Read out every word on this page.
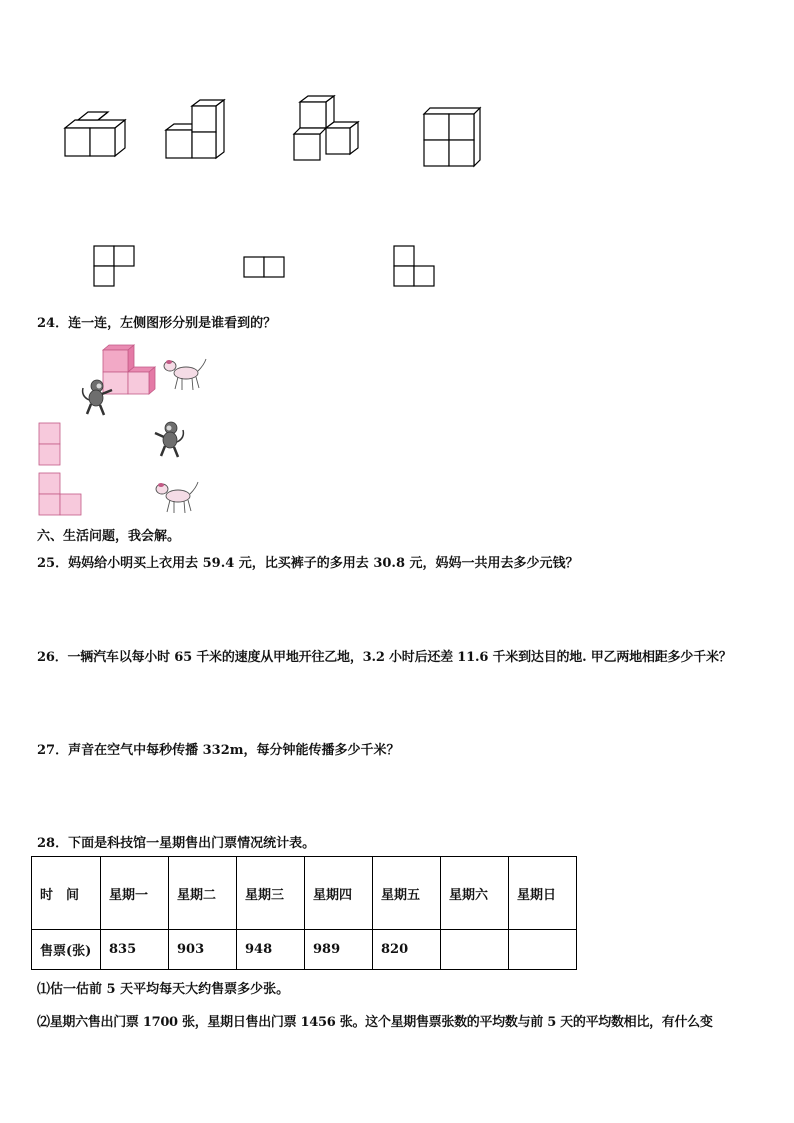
24．连一连，左侧图形分别是谁看到的？
六、生活问题，我会解。
25．妈妈给小明买上衣用去 59.4 元，比买裤子的多用去 30.8 元，妈妈一共用去多少元钱？
26．一辆汽车以每小时 65 千米的速度从甲地开往乙地，3.2 小时后还差 11.6 千米到达目的地. 甲乙两地相距多少千米？
27．声音在空气中每秒传播 332m，每分钟能传播多少千米？
28．下面是科技馆一星期售出门票情况统计表。
时　间	星期一	星期二	星期三	星期四	星期五	星期六	星期日
售票(张)	835	903	948	989	820		
⑴估一估前 5 天平均每天大约售票多少张。
⑵星期六售出门票 1700 张，星期日售出门票 1456 张。这个星期售票张数的平均数与前 5 天的平均数相比，有什么变
